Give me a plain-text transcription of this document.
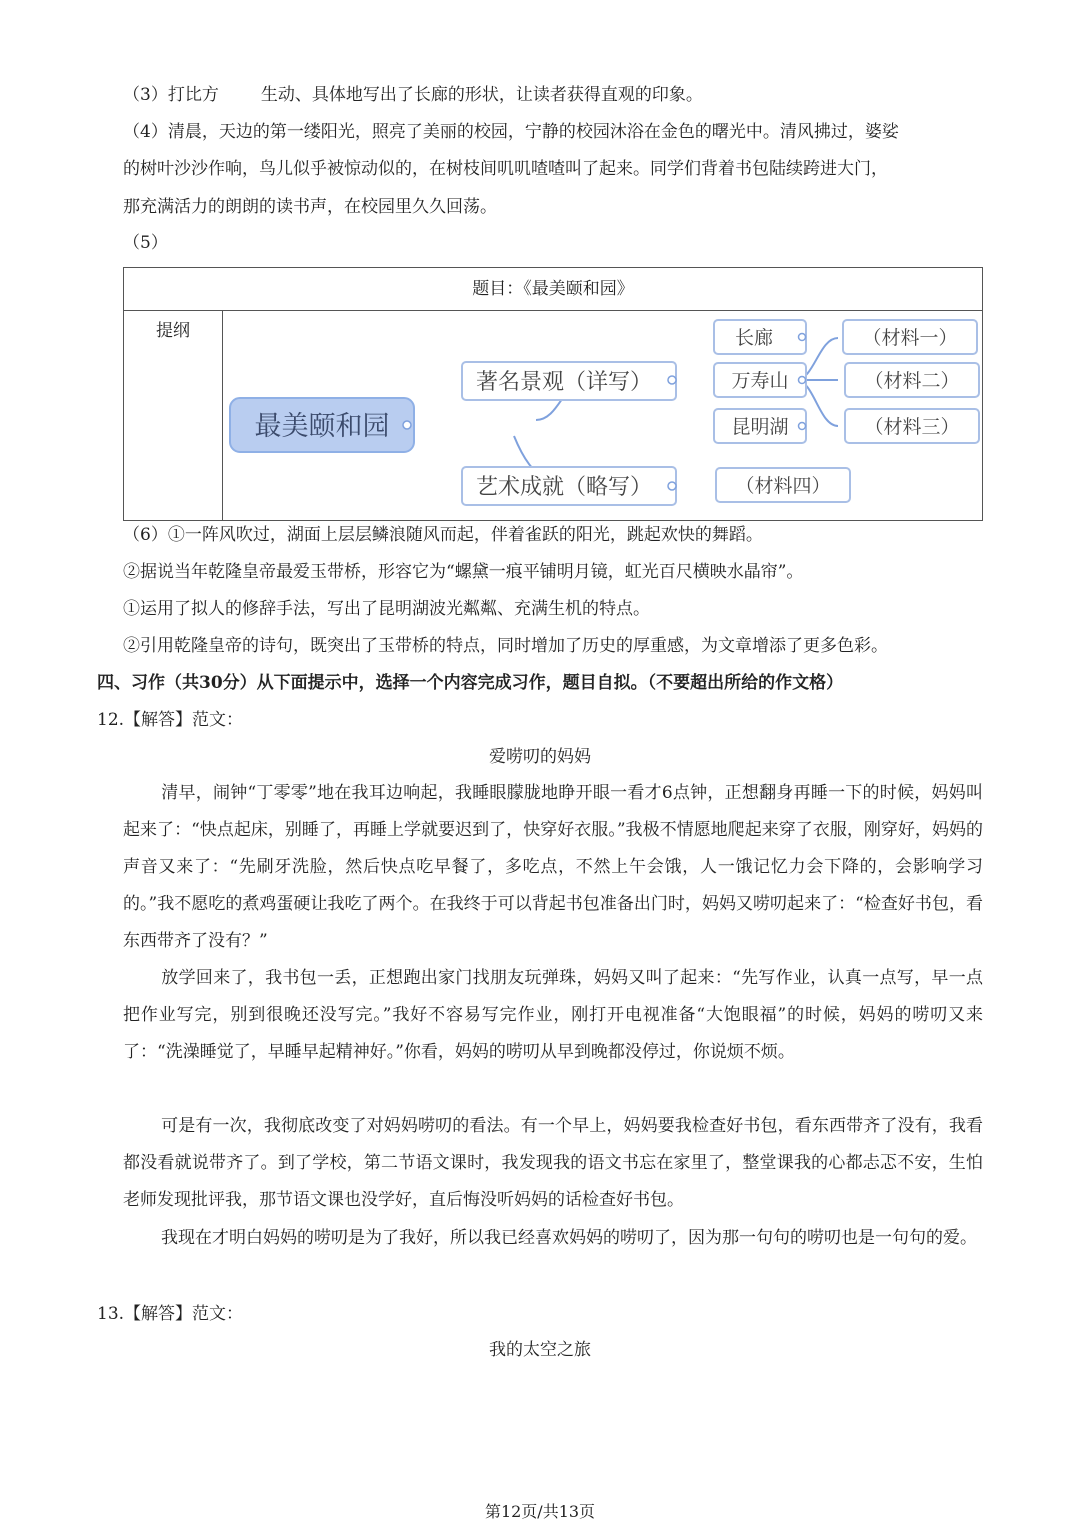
（3）打比方 生动、具体地写出了长廊的形状，让读者获得直观的印象。
（4）清晨，天边的第一缕阳光，照亮了美丽的校园，宁静的校园沐浴在金色的曙光中。清风拂过，婆娑
的树叶沙沙作响，鸟儿似乎被惊动似的，在树枝间叽叽喳喳叫了起来。同学们背着书包陆续跨进大门，
那充满活力的朗朗的读书声，在校园里久久回荡。
（5）
题目：《最美颐和园》
提纲
最美颐和园
著名景观（详写）
艺术成就（略写）
长廊
万寿山
昆明湖
（材料一）
（材料二）
（材料三）
（材料四）
（6）①一阵风吹过，湖面上层层鳞浪随风而起，伴着雀跃的阳光，跳起欢快的舞蹈。
②据说当年乾隆皇帝最爱玉带桥，形容它为“螺黛一痕平铺明月镜，虹光百尺横映水晶帘”。
①运用了拟人的修辞手法，写出了昆明湖波光粼粼、充满生机的特点。
②引用乾隆皇帝的诗句，既突出了玉带桥的特点，同时增加了历史的厚重感，为文章增添了更多色彩。
四、习作（共30分）从下面提示中，选择一个内容完成习作，题目自拟。（不要超出所给的作文格）
12.【解答】范文：
爱唠叨的妈妈
清早，闹钟“丁零零”地在我耳边响起，我睡眼朦胧地睁开眼一看才6点钟，正想翻身再睡一下的时候，妈妈叫起来了：“快点起床，别睡了，再睡上学就要迟到了，快穿好衣服。”我极不情愿地爬起来穿了衣服，刚穿好，妈妈的声音又来了：“先刷牙洗脸，然后快点吃早餐了，多吃点，不然上午会饿，人一饿记忆力会下降的，会影响学习的。”我不愿吃的煮鸡蛋硬让我吃了两个。在我终于可以背起书包准备出门时，妈妈又唠叨起来了：“检查好书包，看东西带齐了没有？”
放学回来了，我书包一丢，正想跑出家门找朋友玩弹珠，妈妈又叫了起来：“先写作业，认真一点写，早一点把作业写完，别到很晚还没写完。”我好不容易写完作业，刚打开电视准备“大饱眼福”的时候，妈妈的唠叨又来了：“洗澡睡觉了，早睡早起精神好。”你看，妈妈的唠叨从早到晚都没停过，你说烦不烦。
可是有一次，我彻底改变了对妈妈唠叨的看法。有一个早上，妈妈要我检查好书包，看东西带齐了没有，我看都没看就说带齐了。到了学校，第二节语文课时，我发现我的语文书忘在家里了，整堂课我的心都忐忑不安，生怕老师发现批评我，那节语文课也没学好，直后悔没听妈妈的话检查好书包。
我现在才明白妈妈的唠叨是为了我好，所以我已经喜欢妈妈的唠叨了，因为那一句句的唠叨也是一句句的爱。
13.【解答】范文：
我的太空之旅
第12页/共13页
